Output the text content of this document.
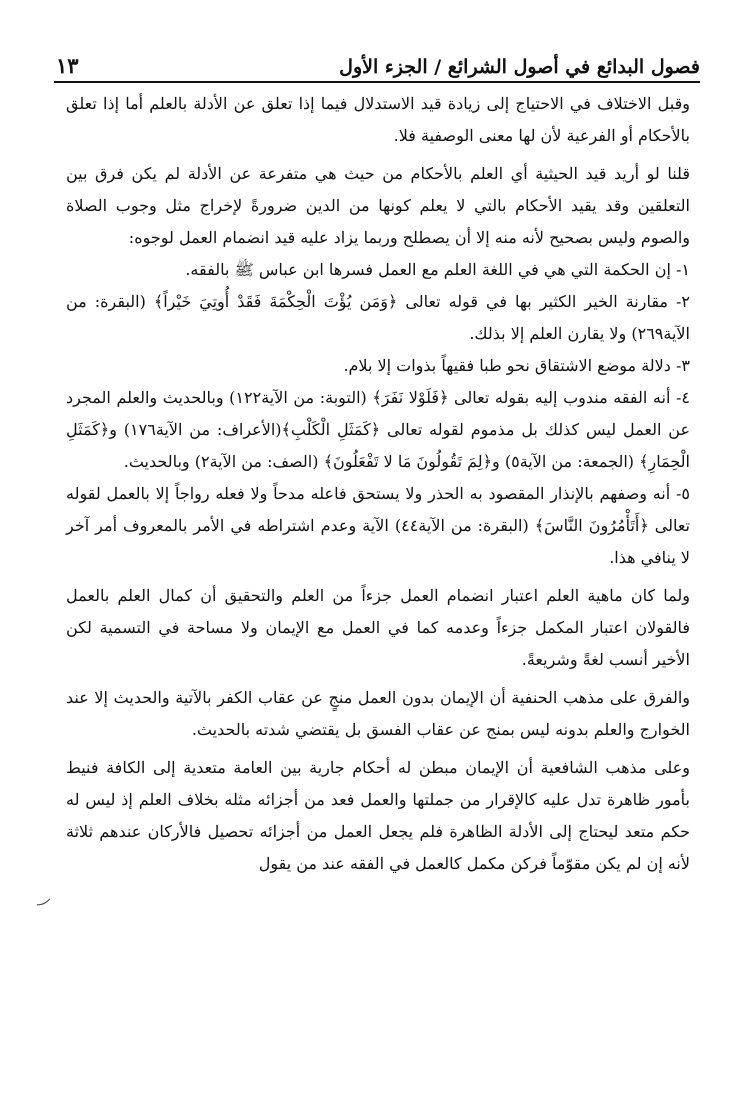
فصول البدائع في أصول الشرائع / الجزء الأول
١٣

وقبل الاختلاف في الاحتياج إلى زيادة قيد الاستدلال فيما إذا تعلق عن الأدلة بالعلم أما إذا تعلق بالأحكام أو الفرعية لأن لها معنى الوصفية فلا.

قلنا لو أريد قيد الحيثية أي العلم بالأحكام من حيث هي متفرعة عن الأدلة لم يكن فرق بين التعلقين وقد يقيد الأحكام بالتي لا يعلم كونها من الدين ضرورةً لإخراج مثل وجوب الصلاة والصوم وليس بصحيح لأنه منه إلا أن يصطلح وربما يزاد عليه قيد انضمام العمل لوجوه:

١- إن الحكمة التي هي في اللغة العلم مع العمل فسرها ابن عباس ﷺ بالفقه.

٢- مقارنة الخير الكثير بها في قوله تعالى ﴿وَمَن يُؤْتَ الْحِكْمَةَ فَقَدْ أُوتِيَ خَيْراً﴾ (البقرة: من الآية٢٦٩) ولا يقارن العلم إلا بذلك.

٣- دلالة موضع الاشتقاق نحو طبا فقيهاً بذوات إلا بلام.

٤- أنه الفقه مندوب إليه بقوله تعالى ﴿فَلَوْلا نَفَرَ﴾ (التوبة: من الآية١٢٢) وبالحديث والعلم المجرد عن العمل ليس كذلك بل مذموم لقوله تعالى ﴿كَمَثَلِ الْكَلْبِ﴾(الأعراف: من الآية١٧٦) و﴿كَمَثَلِ الْحِمَارِ﴾ (الجمعة: من الآية٥) و﴿لِمَ تَقُولُونَ مَا لا تَفْعَلُونَ﴾ (الصف: من الآية٢) وبالحديث.

٥- أنه وصفهم بالإنذار المقصود به الحذر ولا يستحق فاعله مدحاً ولا فعله رواجاً إلا بالعمل لقوله تعالى ﴿أَتَأْمُرُونَ النَّاسَ﴾ (البقرة: من الآية٤٤) الآية وعدم اشتراطه في الأمر بالمعروف أمر آخر لا ينافي هذا.

ولما كان ماهية العلم اعتبار انضمام العمل جزءاً من العلم والتحقيق أن كمال العلم بالعمل فالقولان اعتبار المكمل جزءاً وعدمه كما في العمل مع الإيمان ولا مساحة في التسمية لكن الأخير أنسب لغةً وشريعةً.

والفرق على مذهب الحنفية أن الإيمان بدون العمل منجٍ عن عقاب الكفر بالآتية والحديث إلا عند الخوارج والعلم بدونه ليس بمنج عن عقاب الفسق بل يقتضي شدته بالحديث.

وعلى مذهب الشافعية أن الإيمان مبطن له أحكام جارية بين العامة متعدية إلى الكافة فنيط بأمور ظاهرة تدل عليه كالإقرار من جملتها والعمل فعد من أجزائه مثله بخلاف العلم إذ ليس له حكم متعد ليحتاج إلى الأدلة الظاهرة فلم يجعل العمل من أجزائه تحصيل فالأركان عندهم ثلاثة لأنه إن لم يكن مقوّماً فركن مكمل كالعمل في الفقه عند من يقول

‿
